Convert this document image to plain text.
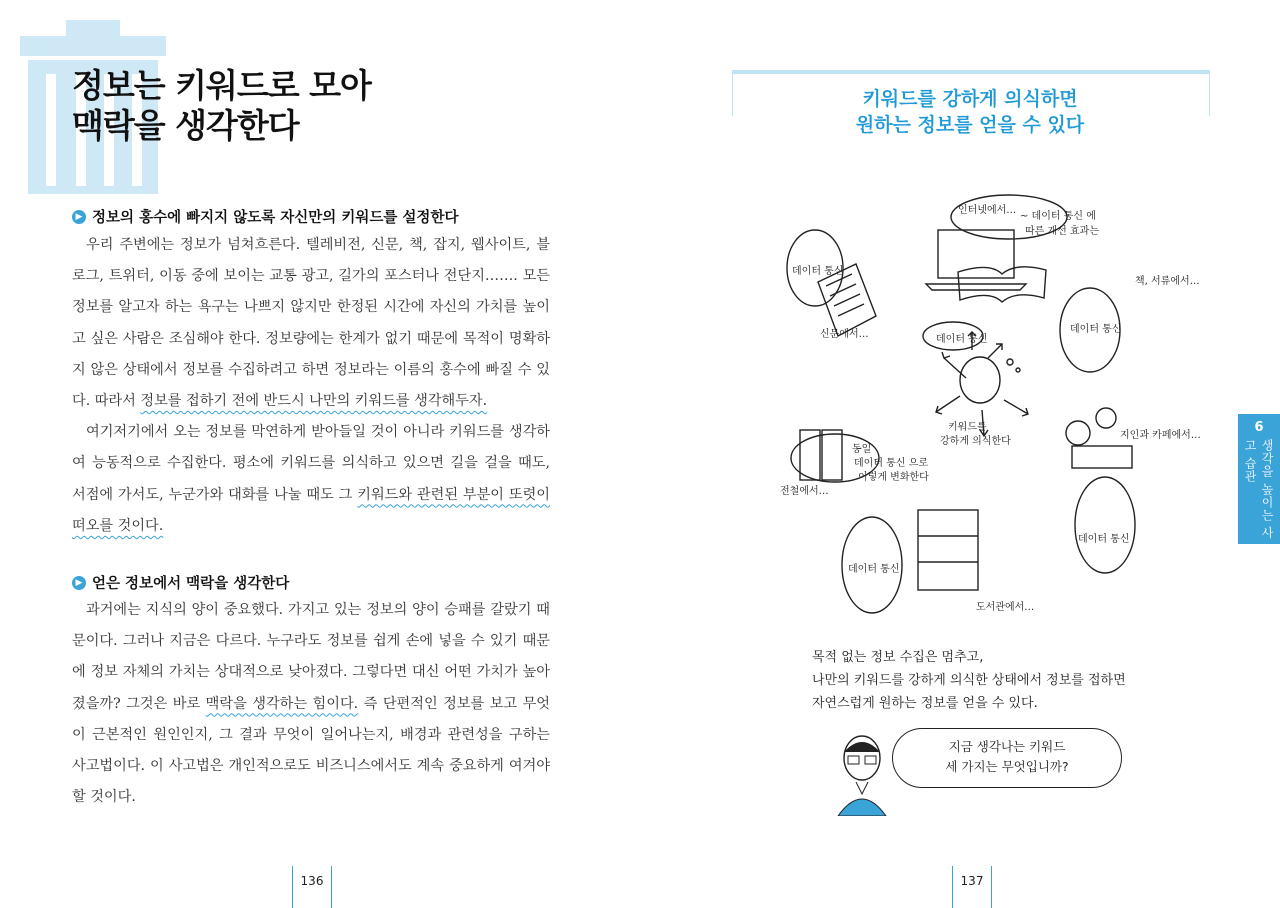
정보는 키워드로 모아
맥락을 생각한다
▶ 정보의 홍수에 빠지지 않도록 자신만의 키워드를 설정한다

우리 주변에는 정보가 넘쳐흐른다. 텔레비전, 신문, 책, 잡지, 웹사이트, 블로그, 트위터, 이동 중에 보이는 교통 광고, 길가의 포스터나 전단지……. 모든 정보를 알고자 하는 욕구는 나쁘지 않지만 한정된 시간에 자신의 가치를 높이고 싶은 사람은 조심해야 한다. 정보량에는 한계가 없기 때문에 목적이 명확하지 않은 상태에서 정보를 수집하려고 하면 정보라는 이름의 홍수에 빠질 수 있다. 따라서 정보를 접하기 전에 반드시 나만의 키워드를 생각해두자.

여기저기에서 오는 정보를 막연하게 받아들일 것이 아니라 키워드를 생각하여 능동적으로 수집한다. 평소에 키워드를 의식하고 있으면 길을 걸을 때도, 서점에 가서도, 누군가와 대화를 나눌 때도 그 키워드와 관련된 부분이 또렷이 떠오를 것이다.

▶ 얻은 정보에서 맥락을 생각한다

과거에는 지식의 양이 중요했다. 가지고 있는 정보의 양이 승패를 갈랐기 때문이다. 그러나 지금은 다르다. 누구라도 정보를 쉽게 손에 넣을 수 있기 때문에 정보 자체의 가치는 상대적으로 낮아졌다. 그렇다면 대신 어떤 가치가 높아졌을까? 그것은 바로 맥락을 생각하는 힘이다. 즉 단편적인 정보를 보고 무엇이 근본적인 원인인지, 그 결과 무엇이 일어나는지, 배경과 관련성을 구하는 사고법이다. 이 사고법은 개인적으로도 비즈니스에서도 계속 중요하게 여겨야 할 것이다.

136
키워드를 강하게 의식하면
원하는 정보를 얻을 수 있다
인터넷에서…
~ 데이터 통신 에
따른 개선 효과는
신문에서…
데이터 통신
책, 서류에서…
데이터 통신
데이터 통신
키워드를
강하게 의식한다
전철에서…
동일
데이터 통신 으로
이렇게 변화한다
지인과 카페에서…
데이터 통신
도서관에서…
데이터 통신
목적 없는 정보 수집은 멈추고,
나만의 키워드를 강하게 의식한 상태에서 정보를 접하면
자연스럽게 원하는 정보를 얻을 수 있다.
지금 생각나는 키워드
세 가지는 무엇입니까?
6
생각을 높이는 사고 습관
137
